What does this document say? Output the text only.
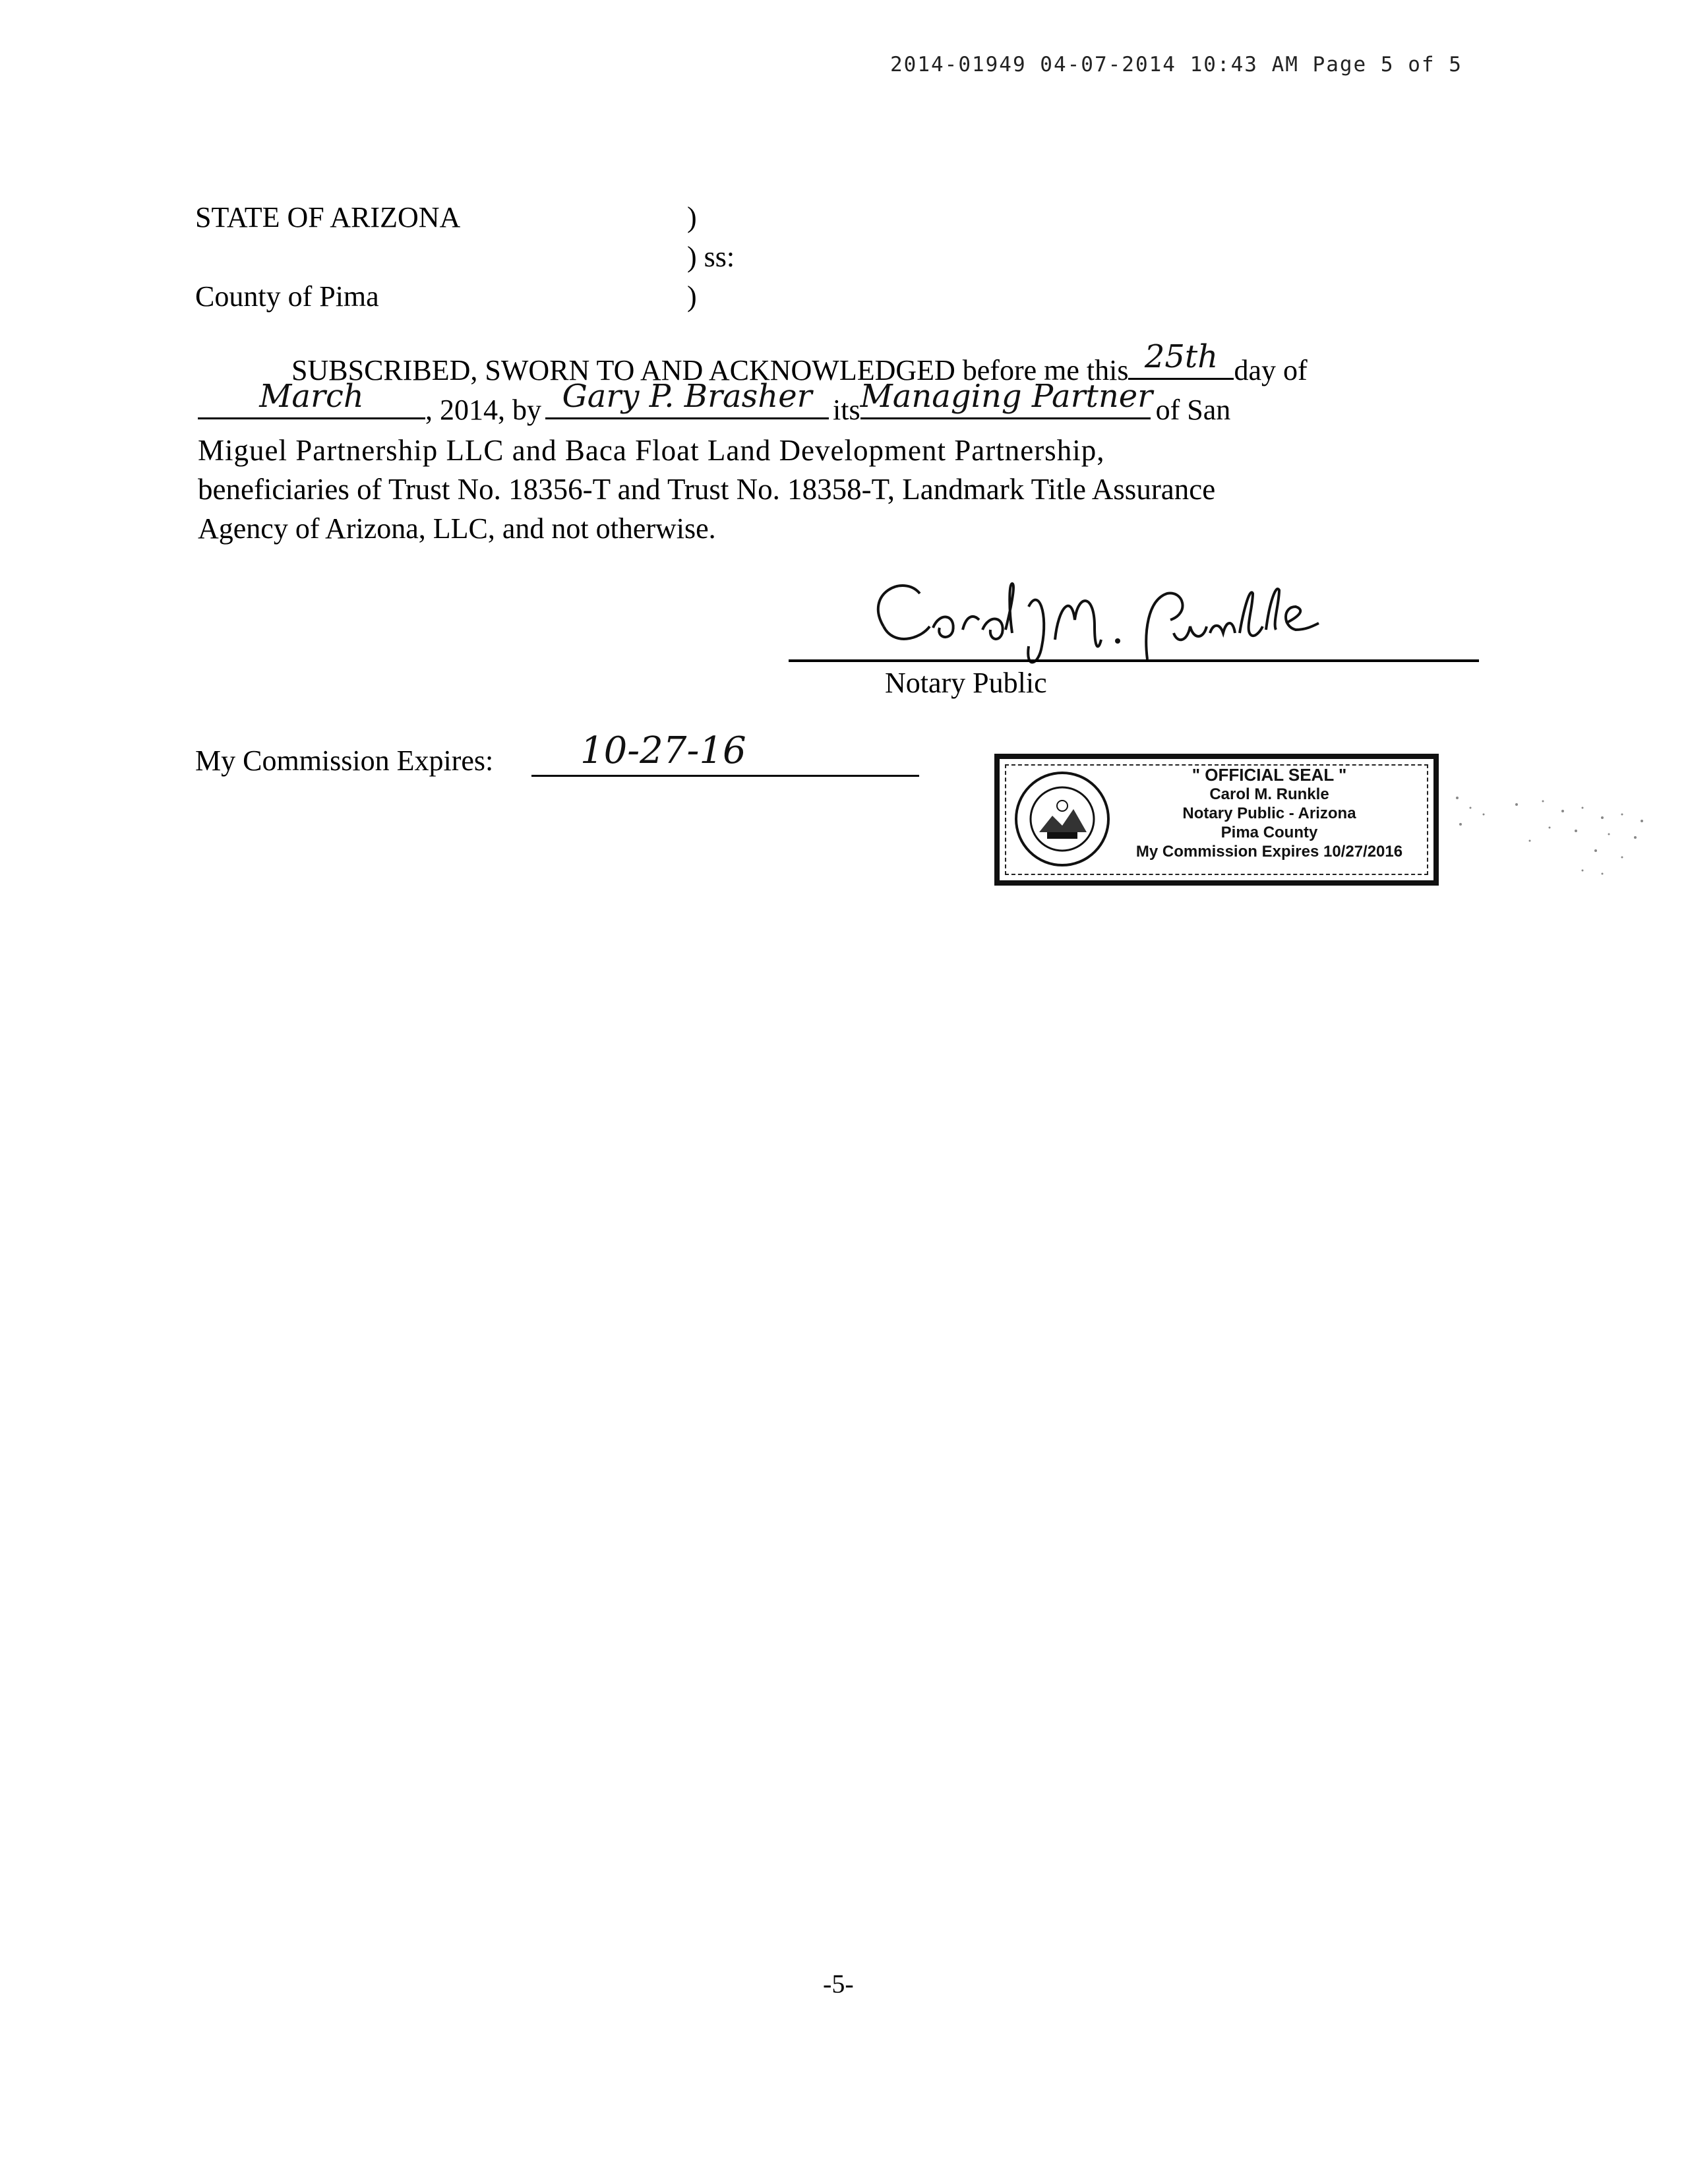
2014-01949 04-07-2014 10:43 AM Page 5 of 5
STATE OF ARIZONA	)
) ss:
County of Pima	)
SUBSCRIBED, SWORN TO AND ACKNOWLEDGED before me this 25th day of
March	, 2014, by Gary P. Brasher its Managing Partner of San
Miguel Partnership LLC and Baca Float Land Development Partnership,
beneficiaries of Trust No. 18356-T and Trust No. 18358-T, Landmark Title Assurance
Agency of Arizona, LLC, and not otherwise.
Notary Public
My Commission Expires: 10-27-16
" OFFICIAL SEAL "
Carol M. Runkle
Notary Public - Arizona
Pima County
My Commission Expires 10/27/2016
-5-
